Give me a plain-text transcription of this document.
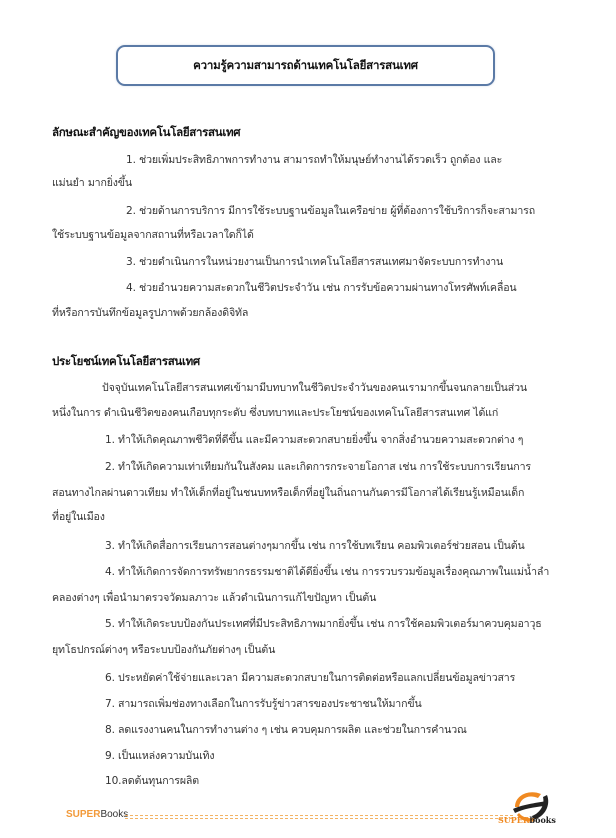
ความรู้ความสามารถด้านเทคโนโลยีสารสนเทศ
ลักษณะสำคัญของเทคโนโลยีสารสนเทศ
1. ช่วยเพิ่มประสิทธิภาพการทำงาน สามารถทำให้มนุษย์ทำงานได้รวดเร็ว ถูกต้อง และ
แม่นยำ มากยิ่งขึ้น
2. ช่วยด้านการบริการ มีการใช้ระบบฐานข้อมูลในเครือข่าย ผู้ที่ต้องการใช้บริการก็จะสามารถ
ใช้ระบบฐานข้อมูลจากสถานที่หรือเวลาใดก็ได้
3. ช่วยดำเนินการในหน่วยงานเป็นการนำเทคโนโลยีสารสนเทศมาจัดระบบการทำงาน
4. ช่วยอำนวยความสะดวกในชีวิตประจำวัน เช่น การรับข้อความผ่านทางโทรศัพท์เคลื่อน
ที่หรือการบันทึกข้อมูลรูปภาพด้วยกล้องดิจิทัล
ประโยชน์เทคโนโลยีสารสนเทศ
ปัจจุบันเทคโนโลยีสารสนเทศเข้ามามีบทบาทในชีวิตประจำวันของคนเรามากขึ้นจนกลายเป็นส่วน
หนึ่งในการ ดำเนินชีวิตของคนเกือบทุกระดับ ซึ่งบทบาทและประโยชน์ของเทคโนโลยีสารสนเทศ ได้แก่
1. ทำให้เกิดคุณภาพชีวิตที่ดีขึ้น และมีความสะดวกสบายยิ่งขึ้น จากสิ่งอำนวยความสะดวกต่าง ๆ
2. ทำให้เกิดความเท่าเทียมกันในสังคม และเกิดการกระจายโอกาส เช่น การใช้ระบบการเรียนการ
สอนทางไกลผ่านดาวเทียม ทำให้เด็กที่อยู่ในชนบทหรือเด็กที่อยู่ในถิ่นถานกันดารมีโอกาสได้เรียนรู้เหมือนเด็ก
ที่อยู่ในเมือง
3. ทำให้เกิดสื่อการเรียนการสอนต่างๆมากขึ้น เช่น การใช้บทเรียน คอมพิวเตอร์ช่วยสอน เป็นต้น
4. ทำให้เกิดการจัดการทรัพยากรธรรมชาติได้ดียิ่งขึ้น เช่น การรวบรวมข้อมูลเรื่องคุณภาพในแม่น้ำลำ
คลองต่างๆ เพื่อนำมาตรวจวัดมลภาวะ แล้วดำเนินการแก้ไขปัญหา เป็นต้น
5. ทำให้เกิดระบบป้องกันประเทศที่มีประสิทธิภาพมากยิ่งขึ้น เช่น การใช้คอมพิวเตอร์มาควบคุมอาวุธ
ยุทโธปกรณ์ต่างๆ หรือระบบป้องกันภัยต่างๆ เป็นต้น
6. ประหยัดค่าใช้จ่ายและเวลา มีความสะดวกสบายในการติดต่อหรือแลกเปลี่ยนข้อมูลข่าวสาร
7. สามารถเพิ่มช่องทางเลือกในการรับรู้ข่าวสารของประชาชนให้มากขึ้น
8. ลดแรงงานคนในการทำงานต่าง ๆ เช่น ควบคุมการผลิต และช่วยในการคำนวณ
9. เป็นแหล่งความบันเทิง
10.ลดต้นทุนการผลิต
SUPERBooks	SUPERbooks
